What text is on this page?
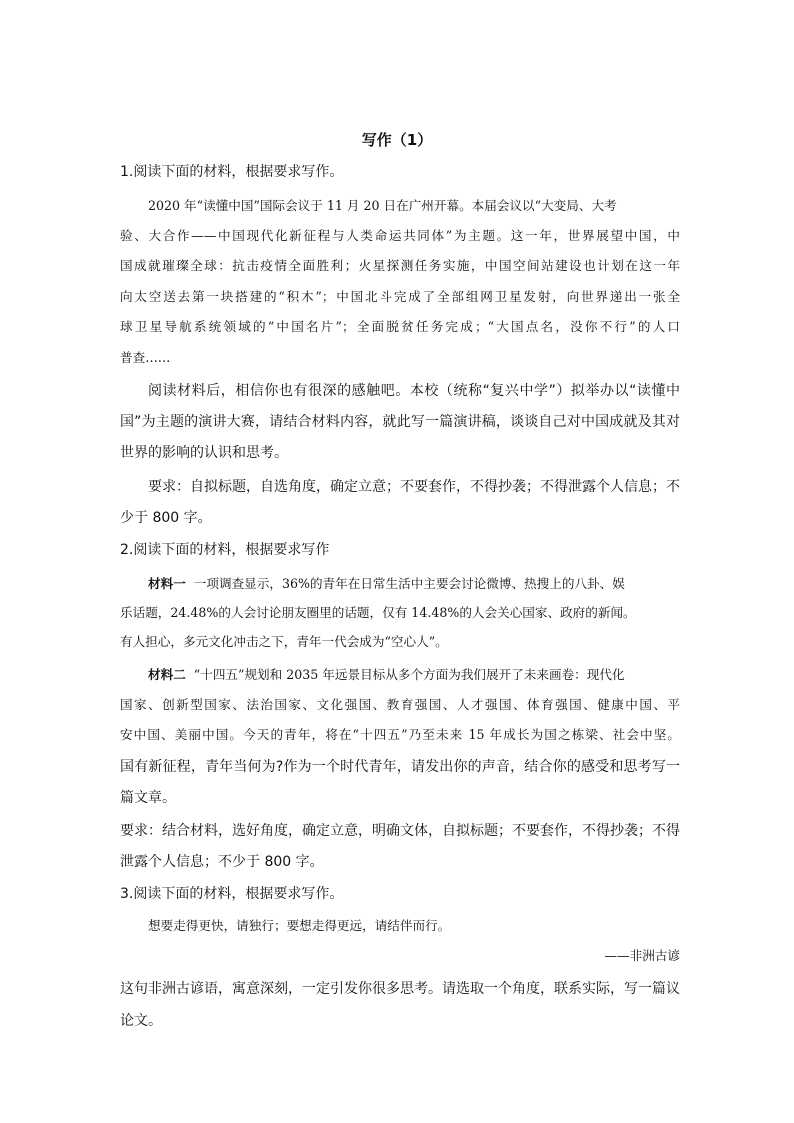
写作（1）
1.阅读下面的材料，根据要求写作。
2020 年“读懂中国”国际会议于 11 月 20 日在广州开幕。本届会议以“大变局、大考
验、大合作——中国现代化新征程与人类命运共同体”为主题。这一年，世界展望中国，中
国成就璀璨全球：抗击疫情全面胜利；火星探测任务实施，中国空间站建设也计划在这一年
向太空送去第一块搭建的“积木”；中国北斗完成了全部组网卫星发射，向世界递出一张全
球卫星导航系统领域的“中国名片”；全面脱贫任务完成；“大国点名，没你不行”的人口
普查……
阅读材料后，相信你也有很深的感触吧。本校（统称“复兴中学”）拟举办以“读懂中
国”为主题的演讲大赛，请结合材料内容，就此写一篇演讲稿，谈谈自己对中国成就及其对
世界的影响的认识和思考。
要求：自拟标题，自选角度，确定立意；不要套作，不得抄袭；不得泄露个人信息；不
少于 800 字。
2.阅读下面的材料，根据要求写作
材料一 一项调查显示，36%的青年在日常生活中主要会讨论微博、热搜上的八卦、娱
乐话题，24.48%的人会讨论朋友圈里的话题，仅有 14.48%的人会关心国家、政府的新闻。
有人担心，多元文化冲击之下，青年一代会成为“空心人”。
材料二 “十四五”规划和 2035 年远景目标从多个方面为我们展开了未来画卷：现代化
国家、创新型国家、法治国家、文化强国、教育强国、人才强国、体育强国、健康中国、平
安中国、美丽中国。今天的青年，将在“十四五”乃至未来 15 年成长为国之栋梁、社会中坚。
国有新征程，青年当何为?作为一个时代青年，请发出你的声音，结合你的感受和思考写一
篇文章。
要求：结合材料，选好角度，确定立意，明确文体，自拟标题；不要套作，不得抄袭；不得
泄露个人信息；不少于 800 字。
3.阅读下面的材料，根据要求写作。
想要走得更快，请独行；要想走得更远，请结伴而行。
——非洲古谚
这句非洲古谚语，寓意深刻，一定引发你很多思考。请选取一个角度，联系实际，写一篇议
论文。
